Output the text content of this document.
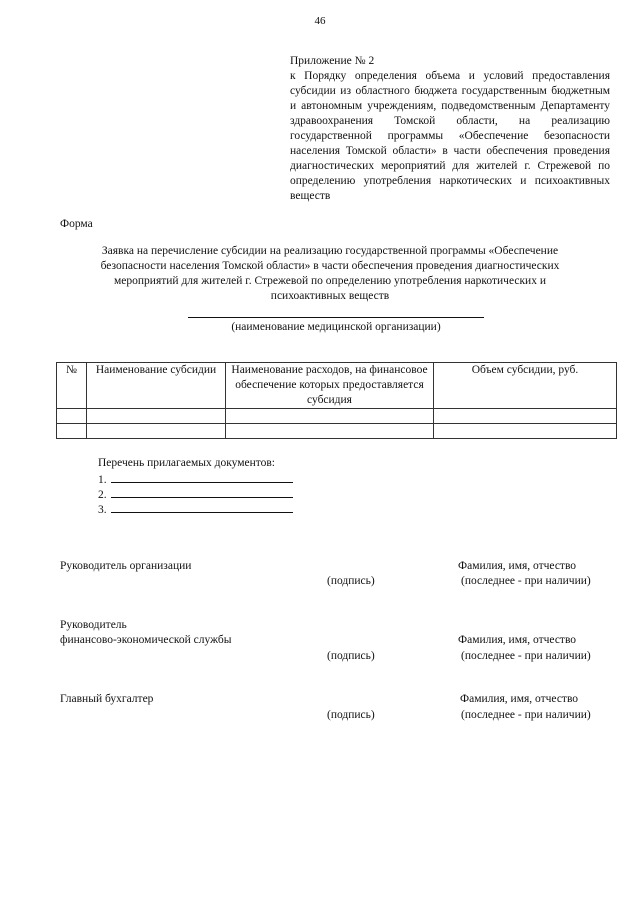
46
Приложение № 2
к Порядку определения объема и условий предоставления субсидии из областного бюджета государственным бюджетным и автономным учреждениям, подведомственным Департаменту здравоохранения Томской области, на реализацию государственной программы «Обеспечение безопасности населения Томской области» в части обеспечения проведения диагностических мероприятий для жителей г. Стрежевой по определению употребления наркотических и психоактивных веществ
Форма
Заявка на перечисление субсидии на реализацию государственной программы «Обеспечение
безопасности населения Томской области» в части обеспечения проведения диагностических
мероприятий для жителей г. Стрежевой по определению употребления наркотических и
психоактивных веществ
(наименование медицинской организации)
№	Наименование субсидии	Наименование расходов, на финансовое обеспечение которых предоставляется субсидия	Объем субсидии, руб.

Перечень прилагаемых документов:
1.
2.
3.
Руководитель организации	Фамилия, имя, отчество
(подпись)	(последнее - при наличии)
Руководитель
финансово-экономической службы	Фамилия, имя, отчество
(подпись)	(последнее - при наличии)
Главный бухгалтер	Фамилия, имя, отчество
(подпись)	(последнее - при наличии)
